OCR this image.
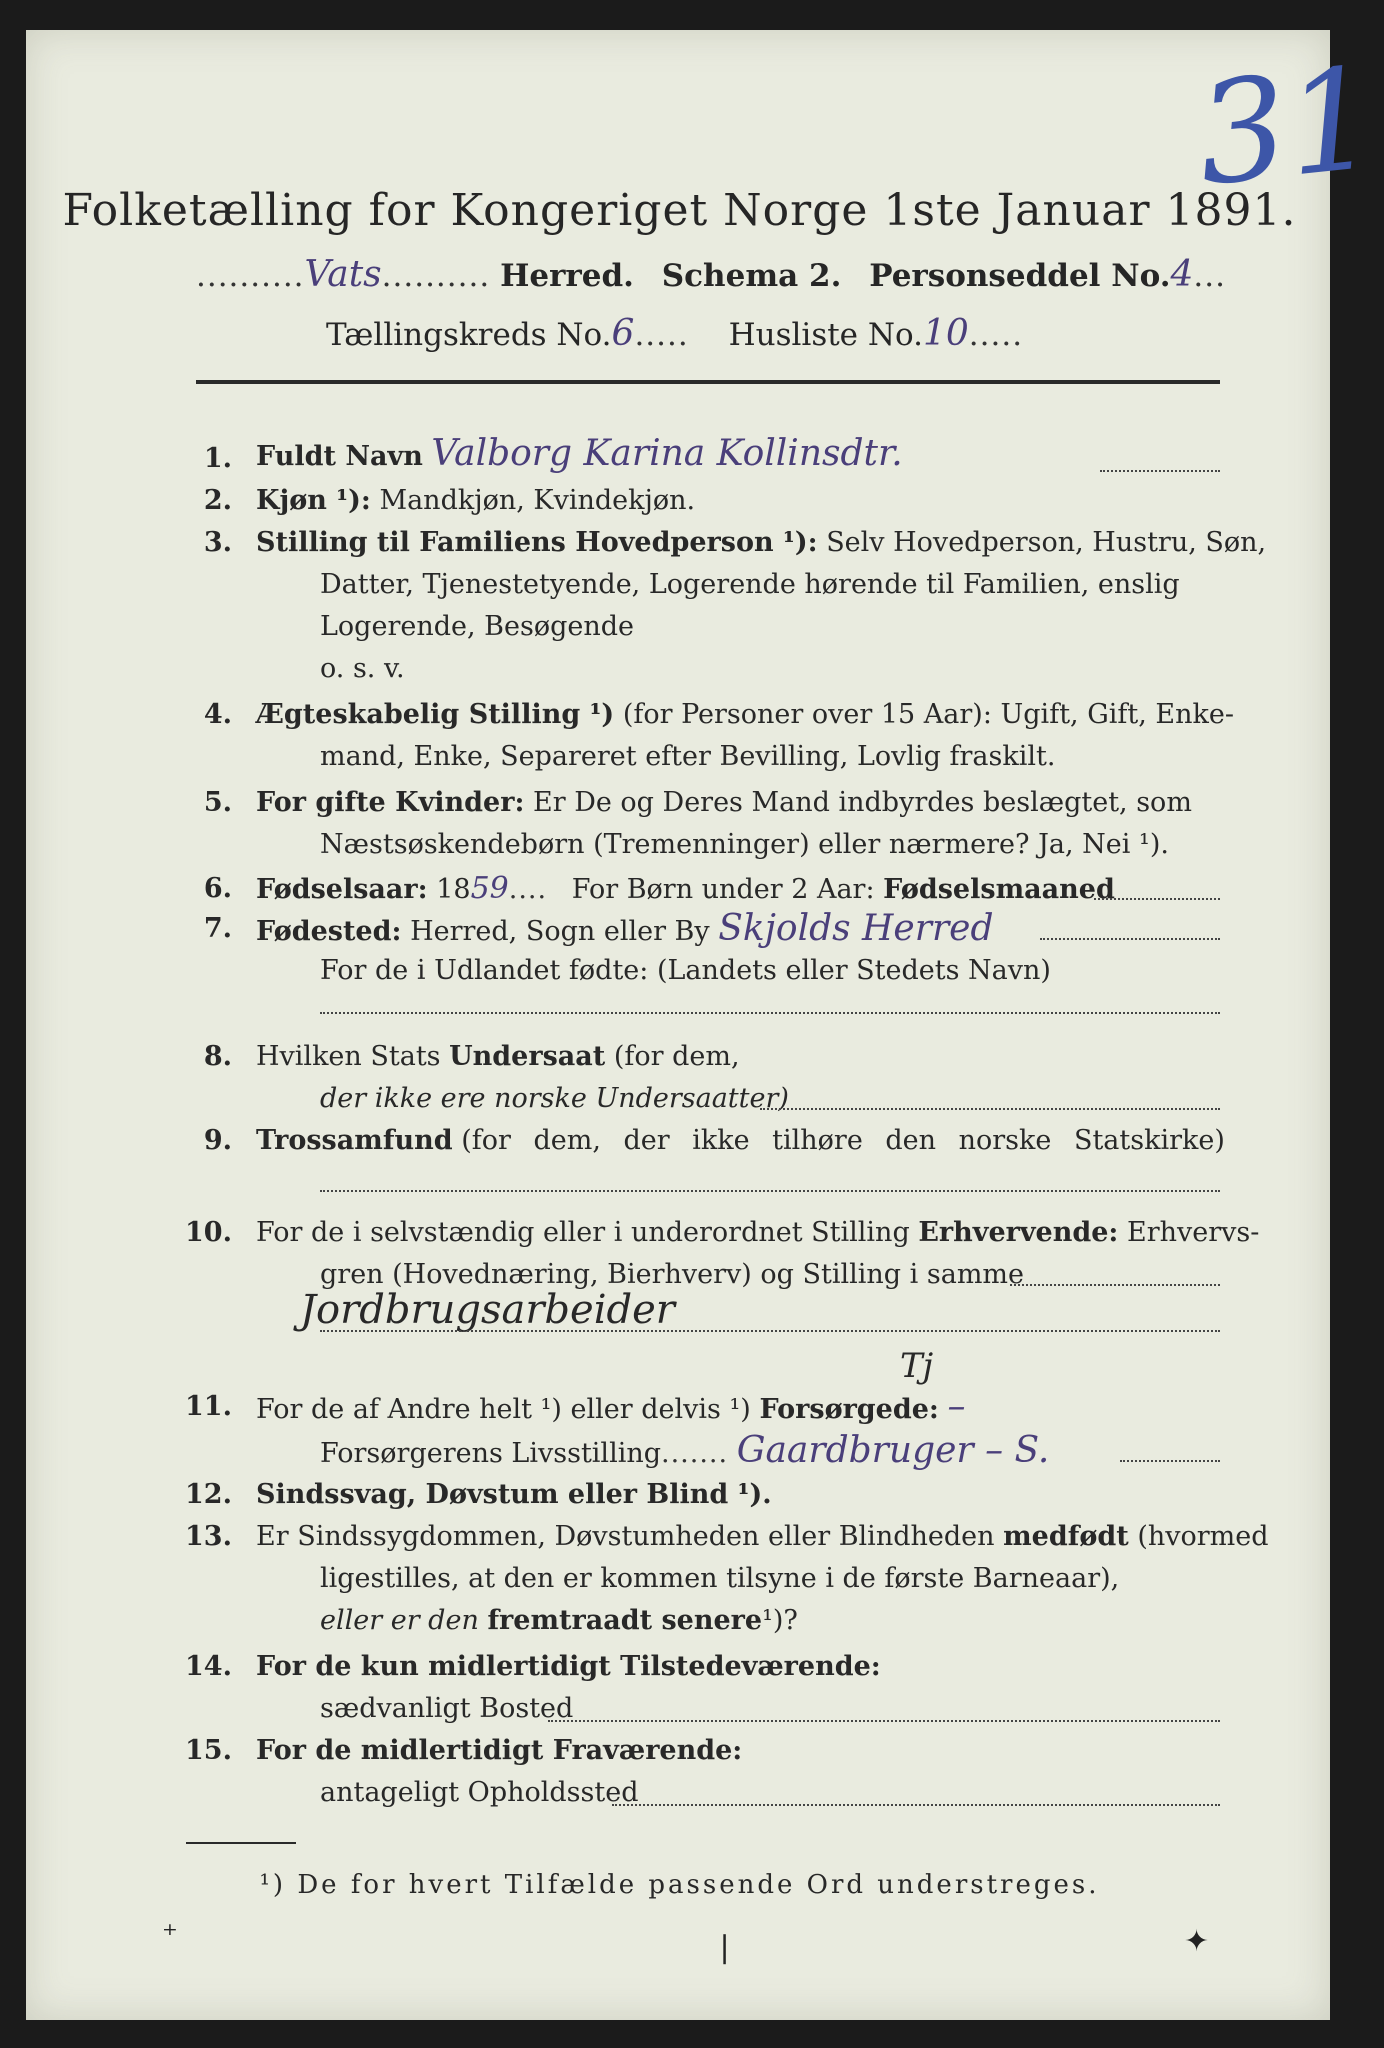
31
Folketælling for Kongeriget Norge 1ste Januar 1891.
..........Vats.......... Herred. Schema 2. Personseddel No.4...
Tællingskreds No.6..... Husliste No.10.....
1. Fuldt Navn Valborg Karina Kollinsdtr.
2. Kjøn ¹): Mandkjøn, Kvindekjøn.
3. Stilling til Familiens Hovedperson ¹): Selv Hovedperson, Hustru, Søn,
Datter, Tjenestetyende, Logerende hørende til Familien, enslig
Logerende, Besøgende
o. s. v.
4. Ægteskabelig Stilling ¹) (for Personer over 15 Aar): Ugift, Gift, Enke-
mand, Enke, Separeret efter Bevilling, Lovlig fraskilt.
5. For gifte Kvinder: Er De og Deres Mand indbyrdes beslægtet, som
Næstsøskendebørn (Tremenninger) eller nærmere? Ja, Nei ¹).
6. Fødselsaar: 1859.... For Børn under 2 Aar: Fødselsmaaned
7. Fødested: Herred, Sogn eller By Skjolds Herred
For de i Udlandet fødte: (Landets eller Stedets Navn)
8. Hvilken Stats Undersaat (for dem,
der ikke ere norske Undersaatter)
9. Trossamfund (for dem, der ikke tilhøre den norske Statskirke)
10. For de i selvstændig eller i underordnet Stilling Erhvervende: Erhvervs-
gren (Hovednæring, Bierhverv) og Stilling i samme
Jordbrugsarbeider
Tj
11. For de af Andre helt ¹) eller delvis ¹) Forsørgede: –
Forsørgerens Livsstilling....... Gaardbruger – S.
12. Sindssvag, Døvstum eller Blind ¹).
13. Er Sindssygdommen, Døvstumheden eller Blindheden medfødt (hvormed
ligestilles, at den er kommen tilsyne i de første Barneaar),
eller er den fremtraadt senere¹)?
14. For de kun midlertidigt Tilstedeværende:
sædvanligt Bosted
15. For de midlertidigt Fraværende:
antageligt Opholdssted
¹) De for hvert Tilfælde passende Ord understreges.
⁺	❘	✦
